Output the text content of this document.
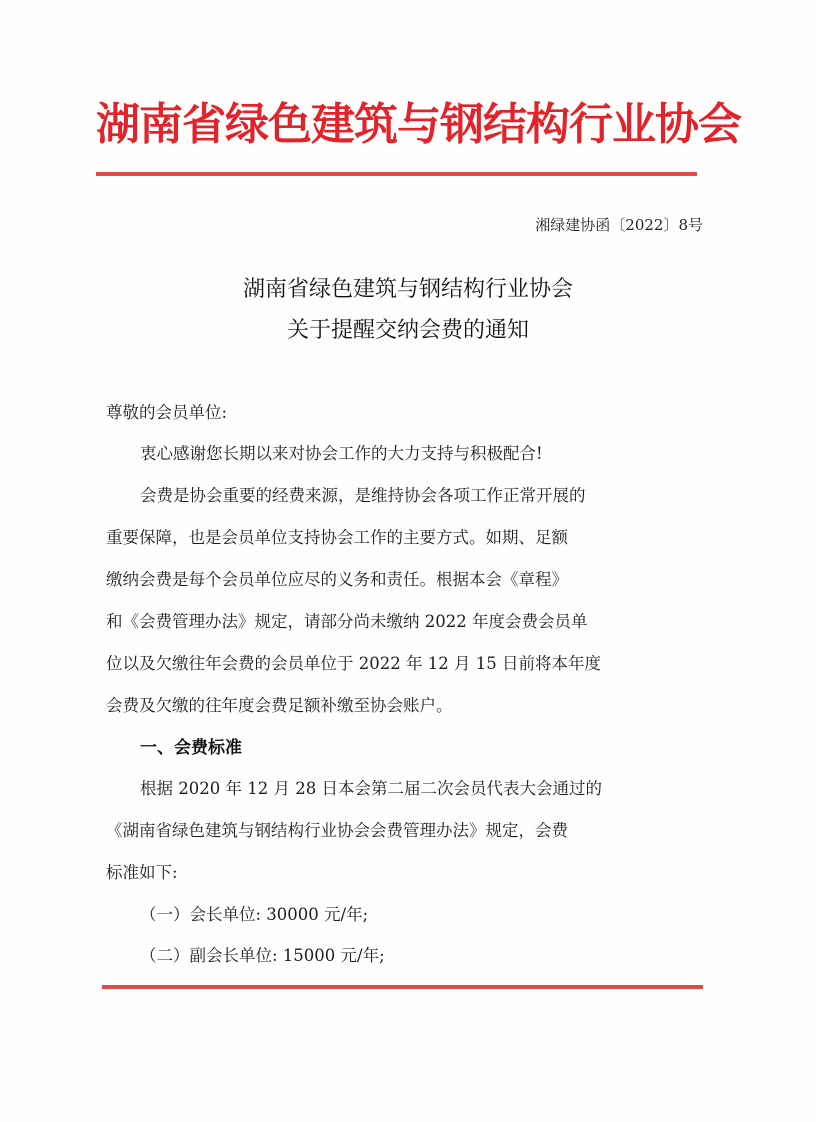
湖南省绿色建筑与钢结构行业协会
湘绿建协函〔2022〕8号
湖南省绿色建筑与钢结构行业协会
关于提醒交纳会费的通知
尊敬的会员单位:
衷心感谢您长期以来对协会工作的大力支持与积极配合!
会费是协会重要的经费来源，是维持协会各项工作正常开展的
重要保障，也是会员单位支持协会工作的主要方式。如期、足额
缴纳会费是每个会员单位应尽的义务和责任。根据本会《章程》
和《会费管理办法》规定，请部分尚未缴纳 2022 年度会费会员单
位以及欠缴往年会费的会员单位于 2022 年 12 月 15 日前将本年度
会费及欠缴的往年度会费足额补缴至协会账户。
一、会费标准
根据 2020 年 12 月 28 日本会第二届二次会员代表大会通过的
《湖南省绿色建筑与钢结构行业协会会费管理办法》规定，会费
标准如下:
（一）会长单位: 30000 元/年;
（二）副会长单位: 15000 元/年;
